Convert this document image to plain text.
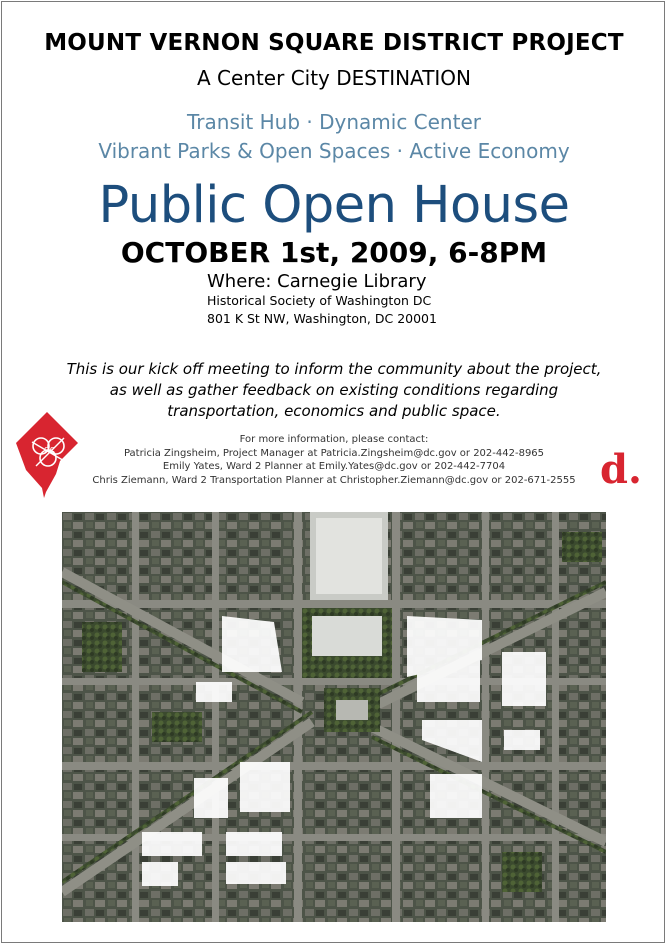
MOUNT VERNON SQUARE DISTRICT PROJECT
A Center City DESTINATION
Transit Hub · Dynamic Center
Vibrant Parks & Open Spaces · Active Economy
Public Open House
OCTOBER 1st, 2009, 6-8PM
Where: Carnegie Library
Historical Society of Washington DC
801 K St NW, Washington, DC 20001
This is our kick off meeting to inform the community about the project,
as well as gather feedback on existing conditions regarding
transportation, economics and public space.
For more information, please contact:
Patricia Zingsheim, Project Manager at Patricia.Zingsheim@dc.gov or 202-442-8965
Emily Yates, Ward 2 Planner at Emily.Yates@dc.gov or 202-442-7704
Chris Ziemann, Ward 2 Transportation Planner at Christopher.Ziemann@dc.gov or 202-671-2555
dc	d.
